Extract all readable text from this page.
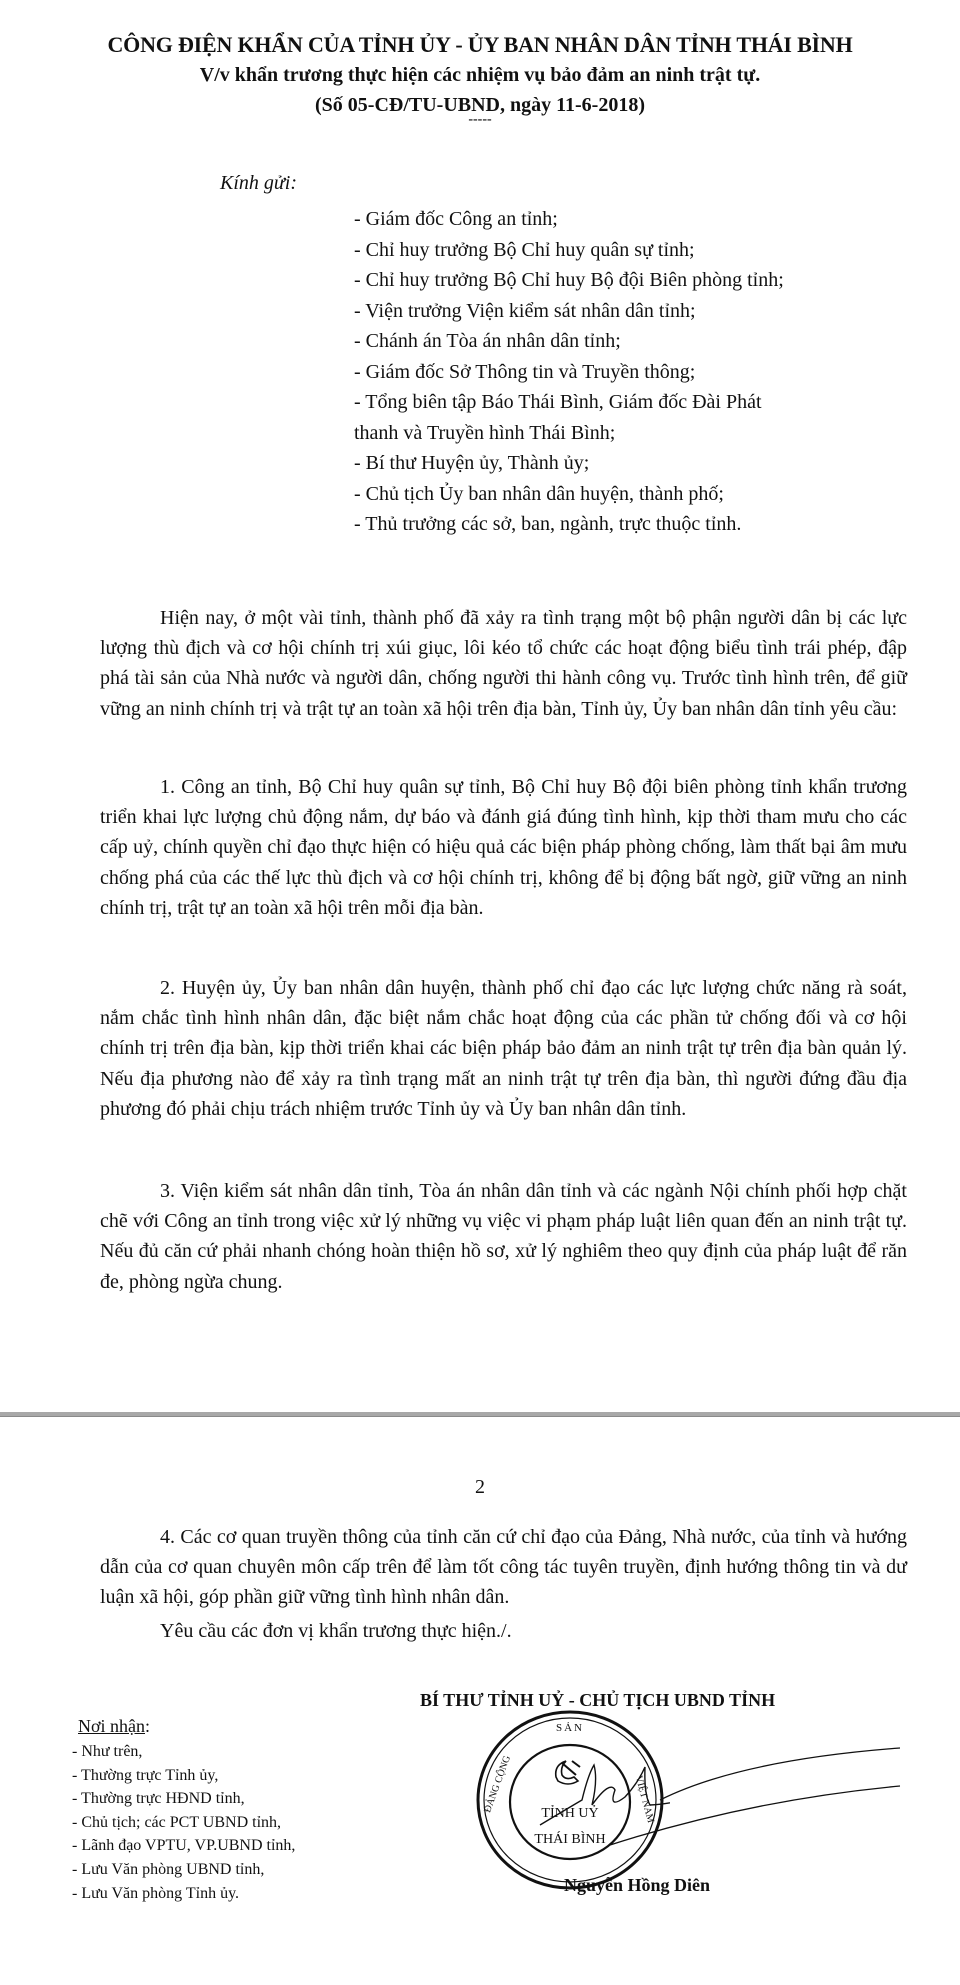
CÔNG ĐIỆN KHẨN CỦA TỈNH ỦY - ỦY BAN NHÂN DÂN TỈNH THÁI BÌNH
V/v khẩn trương thực hiện các nhiệm vụ bảo đảm an ninh trật tự.
(Số 05-CĐ/TU-UBND, ngày 11-6-2018)
-----
Kính gửi:
- Giám đốc Công an tỉnh;
- Chỉ huy trưởng Bộ Chỉ huy quân sự tỉnh;
- Chỉ huy trưởng Bộ Chỉ huy Bộ đội Biên phòng tỉnh;
- Viện trưởng Viện kiểm sát nhân dân tỉnh;
- Chánh án Tòa án nhân dân tỉnh;
- Giám đốc Sở Thông tin và Truyền thông;
- Tổng biên tập Báo Thái Bình, Giám đốc Đài Phát
thanh và Truyền hình Thái Bình;
- Bí thư Huyện ủy, Thành ủy;
- Chủ tịch Ủy ban nhân dân huyện, thành phố;
- Thủ trưởng các sở, ban, ngành, trực thuộc tỉnh.

Hiện nay, ở một vài tỉnh, thành phố đã xảy ra tình trạng một bộ phận người dân bị các lực lượng thù địch và cơ hội chính trị xúi giục, lôi kéo tổ chức các hoạt động biểu tình trái phép, đập phá tài sản của Nhà nước và người dân, chống người thi hành công vụ. Trước tình hình trên, để giữ vững an ninh chính trị và trật tự an toàn xã hội trên địa bàn, Tỉnh ủy, Ủy ban nhân dân tỉnh yêu cầu:

1. Công an tỉnh, Bộ Chỉ huy quân sự tỉnh, Bộ Chỉ huy Bộ đội biên phòng tỉnh khẩn trương triển khai lực lượng chủ động nắm, dự báo và đánh giá đúng tình hình, kịp thời tham mưu cho các cấp uỷ, chính quyền chỉ đạo thực hiện có hiệu quả các biện pháp phòng chống, làm thất bại âm mưu chống phá của các thế lực thù địch và cơ hội chính trị, không để bị động bất ngờ, giữ vững an ninh chính trị, trật tự an toàn xã hội trên mỗi địa bàn.

2. Huyện ủy, Ủy ban nhân dân huyện, thành phố chỉ đạo các lực lượng chức năng rà soát, nắm chắc tình hình nhân dân, đặc biệt nắm chắc hoạt động của các phần tử chống đối và cơ hội chính trị trên địa bàn, kịp thời triển khai các biện pháp bảo đảm an ninh trật tự trên địa bàn quản lý. Nếu địa phương nào để xảy ra tình trạng mất an ninh trật tự trên địa bàn, thì người đứng đầu địa phương đó phải chịu trách nhiệm trước Tỉnh ủy và Ủy ban nhân dân tỉnh.

3. Viện kiểm sát nhân dân tỉnh, Tòa án nhân dân tỉnh và các ngành Nội chính phối hợp chặt chẽ với Công an tỉnh trong việc xử lý những vụ việc vi phạm pháp luật liên quan đến an ninh trật tự. Nếu đủ căn cứ phải nhanh chóng hoàn thiện hồ sơ, xử lý nghiêm theo quy định của pháp luật để răn đe, phòng ngừa chung.

2

4. Các cơ quan truyền thông của tỉnh căn cứ chỉ đạo của Đảng, Nhà nước, của tỉnh và hướng dẫn của cơ quan chuyên môn cấp trên để làm tốt công tác tuyên truyền, định hướng thông tin và dư luận xã hội, góp phần giữ vững tình hình nhân dân.

Yêu cầu các đơn vị khẩn trương thực hiện./.

Nơi nhận:
- Như trên,
- Thường trực Tỉnh ủy,
- Thường trực HĐND tỉnh,
- Chủ tịch; các PCT UBND tỉnh,
- Lãnh đạo VPTU, VP.UBND tỉnh,
- Lưu Văn phòng UBND tỉnh,
- Lưu Văn phòng Tỉnh ủy.
BÍ THƯ TỈNH UỶ - CHỦ TỊCH UBND TỈNH
SẢN
ĐẢNG CỘNG	VIỆT NAM
TỈNH UỶ
THÁI BÌNH
Nguyễn Hồng Diên
